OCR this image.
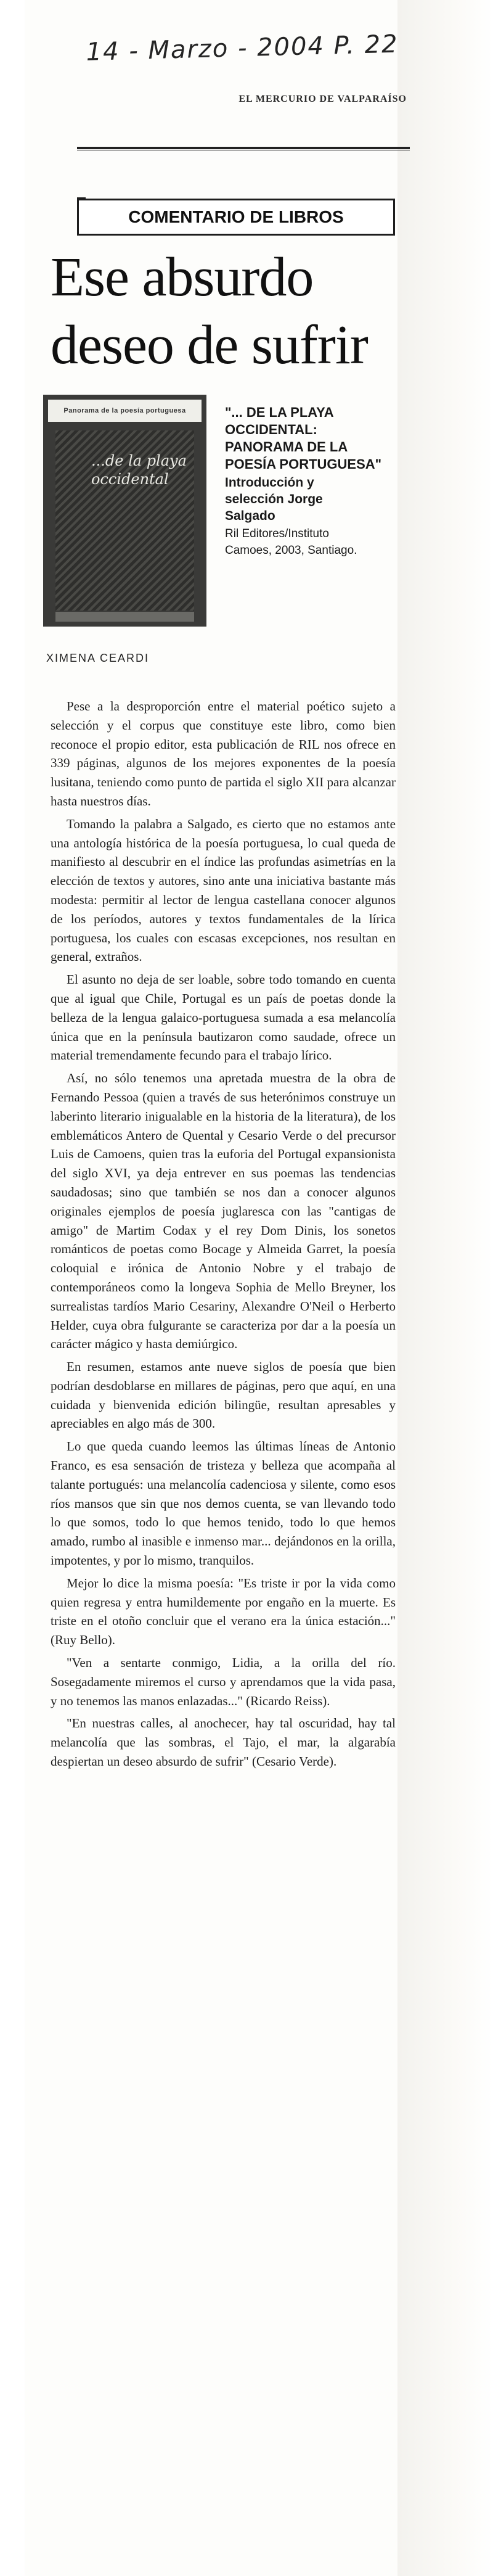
14 - Marzo - 2004 P. 22
EL MERCURIO DE VALPARAÍSO
COMENTARIO DE LIBROS
Ese absurdo
deseo de sufrir
Panorama de la poesía portuguesa
...de la playa
occidental
"... DE LA PLAYA
OCCIDENTAL:
PANORAMA DE LA
POESÍA PORTUGUESA"
Introducción y
selección Jorge
Salgado
Ril Editores/Instituto
Camoes, 2003, Santiago.
XIMENA CEARDI

Pese a la desproporción entre el material poético sujeto a selección y el corpus que constituye este libro, como bien reconoce el propio editor, esta publicación de RIL nos ofrece en 339 páginas, algunos de los mejores exponentes de la poesía lusitana, teniendo como punto de partida el siglo XII para alcanzar hasta nuestros días.

Tomando la palabra a Salgado, es cierto que no estamos ante una antología histórica de la poesía portuguesa, lo cual queda de manifiesto al descubrir en el índice las profundas asimetrías en la elección de textos y autores, sino ante una iniciativa bastante más modesta: permitir al lector de lengua castellana conocer algunos de los períodos, autores y textos fundamentales de la lírica portuguesa, los cuales con escasas excepciones, nos resultan en general, extraños.

El asunto no deja de ser loable, sobre todo tomando en cuenta que al igual que Chile, Portugal es un país de poetas donde la belleza de la lengua galaico-portuguesa sumada a esa melancolía única que en la península bautizaron como saudade, ofrece un material tremendamente fecundo para el trabajo lírico.

Así, no sólo tenemos una apretada muestra de la obra de Fernando Pessoa (quien a través de sus heterónimos construye un laberinto literario inigualable en la historia de la literatura), de los emblemáticos Antero de Quental y Cesario Verde o del precursor Luis de Camoens, quien tras la euforia del Portugal expansionista del siglo XVI, ya deja entrever en sus poemas las tendencias saudadosas; sino que también se nos dan a conocer algunos originales ejemplos de poesía juglaresca con las "cantigas de amigo" de Martim Codax y el rey Dom Dinis, los sonetos románticos de poetas como Bocage y Almeida Garret, la poesía coloquial e irónica de Antonio Nobre y el trabajo de contemporáneos como la longeva Sophia de Mello Breyner, los surrealistas tardíos Mario Cesariny, Alexandre O'Neil o Herberto Helder, cuya obra fulgurante se caracteriza por dar a la poesía un carácter mágico y hasta demiúrgico.

En resumen, estamos ante nueve siglos de poesía que bien podrían desdoblarse en millares de páginas, pero que aquí, en una cuidada y bienvenida edición bilingüe, resultan apresables y apreciables en algo más de 300.

Lo que queda cuando leemos las últimas líneas de Antonio Franco, es esa sensación de tristeza y belleza que acompaña al talante portugués: una melancolía cadenciosa y silente, como esos ríos mansos que sin que nos demos cuenta, se van llevando todo lo que somos, todo lo que hemos tenido, todo lo que hemos amado, rumbo al inasible e inmenso mar... dejándonos en la orilla, impotentes, y por lo mismo, tranquilos.

Mejor lo dice la misma poesía: "Es triste ir por la vida como quien regresa y entra humildemente por engaño en la muerte. Es triste en el otoño concluir que el verano era la única estación..." (Ruy Bello).

"Ven a sentarte conmigo, Lidia, a la orilla del río. Sosegadamente miremos el curso y aprendamos que la vida pasa, y no tenemos las manos enlazadas..." (Ricardo Reiss).

"En nuestras calles, al anochecer, hay tal oscuridad, hay tal melancolía que las sombras, el Tajo, el mar, la algarabía despiertan un deseo absurdo de sufrir" (Cesario Verde).
